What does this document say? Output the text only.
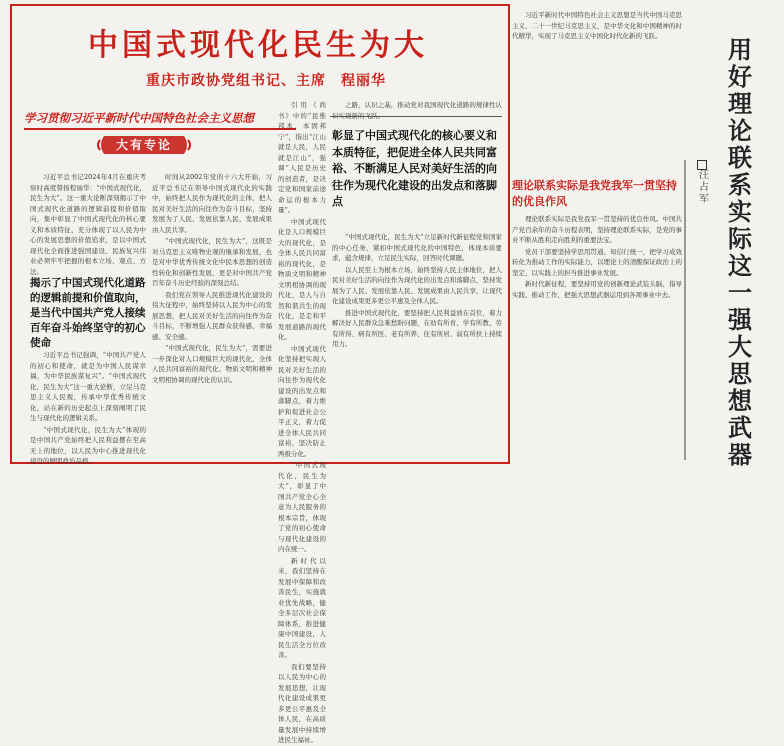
中国式现代化民生为大
重庆市政协党组书记、主席　程丽华
学习贯彻习近平新时代中国特色社会主义思想
大有专论

习近平总书记2024年4月在重庆考察时高度赞扬程丽华：“中国式现代化，民生为大”。这一重大论断深刻揭示了中国式现代化道路的逻辑前提和价值取向，集中彰显了中国式现代化的核心要义和本质特征，充分体现了以人民为中心的发展思想的价值追求，是以中国式现代化全面推进强国建设、民族复兴伟业必须牢牢把握的根本立场、观点、方法。

揭示了中国式现代化道路的逻辑前提和价值取向，是当代中国共产党人接续百年奋斗始终坚守的初心使命

习近平总书记强调，“中国共产党人的初心和使命，就是为中国人民谋幸福，为中华民族谋复兴”。“中国式现代化，民生为大”这一重大论断，立足马克思主义人民观，传承中华优秀传统文化，站在新的历史起点上深刻阐明了民生与现代化的逻辑关系。

“中国式现代化，民生为大”体现的是中国共产党始终把人民利益摆在至高无上的地位，以人民为中心推进现代化建设的鲜明政治品格。

时间从2002年党的十六大开始，习近平总书记在领导中国式现代化的实践中，始终把人民作为现代化的主体，把人民对美好生活的向往作为奋斗目标，坚持发展为了人民、发展依靠人民、发展成果由人民共享。

“中国式现代化，民生为大”，这既是对马克思主义唯物史观的继承和发展，也是对中华优秀传统文化中民本思想的创造性转化和创新性发展，更是对中国共产党百年奋斗历史经验的深刻总结。

我们党在领导人民推进现代化建设的伟大征程中，始终坚持以人民为中心的发展思想，把人民对美好生活的向往作为奋斗目标，不断增强人民群众获得感、幸福感、安全感。

“中国式现代化，民生为大”，需要进一步深化对人口规模巨大的现代化、全体人民共同富裕的现代化、物质文明和精神文明相协调的现代化的认识。

引用《尚书》中的“民惟邦本，本固邦宁”，指出“江山就是人民，人民就是江山”，强调“人民是历史的创造者，是决定党和国家前途命运的根本力量”。

中国式现代化是人口规模巨大的现代化，是全体人民共同富裕的现代化，是物质文明和精神文明相协调的现代化，是人与自然和谐共生的现代化，是走和平发展道路的现代化。

中国式现代化坚持把实现人民对美好生活的向往作为现代化建设的出发点和落脚点，着力维护和促进社会公平正义，着力促进全体人民共同富裕，坚决防止两极分化。

“中国式现代化，民生为大”，彰显了中国共产党全心全意为人民服务的根本宗旨，体现了党的初心使命与现代化建设的内在统一。

新时代以来，我们坚持在发展中保障和改善民生，实施就业优先战略，健全多层次社会保障体系，推进健康中国建设，人民生活全方位改善。

我们要坚持以人民为中心的发展思想，让现代化建设成果更多更公平惠及全体人民，在高质量发展中持续增进民生福祉。

之路，认识之基，推动党对我国现代化道路的规律性认

彰显了中国式现代化的核心要义和本质特征，把促进全体人民共同富裕、不断满足人民对美好生活的向往作为现代化建设的出发点和落脚点

“中国式现代化，民生为大”立足新时代新征程党和国家的中心任务，紧扣中国式现代化的中国特色，体现本质要求，蕴含规律，立足民生实际，回答时代课题。

以人民至上为根本立场，始终坚持人民主体地位，把人民对美好生活的向往作为现代化的出发点和落脚点，坚持发展为了人民、发展依靠人民、发展成果由人民共享，让现代化建设成果更多更公平惠及全体人民。

推进中国式现代化，要坚持把人民利益放在首位，着力解决好人民群众急难愁盼问题，在幼有所育、学有所教、劳有所得、病有所医、老有所养、住有所居、弱有所扶上持续用力。

习近平新时代中国特色社会主义思想是当代中国马克思主义、二十一世纪马克思主义，是中华文化和中国精神的时代精华，实现了马克思主义中国化时代化新的飞跃。

理论联系实际是我党我军一贯坚持的优良作风

理论联系实际是我党我军一贯坚持的优良作风。中国共产党百余年的奋斗历程表明，坚持理论联系实际，是党的事业不断从胜利走向胜利的重要法宝。

党员干部要坚持学思用贯通、知信行统一，把学习成效转化为推动工作的实际能力，以理论上的清醒保证政治上的坚定，以实践上的担当推进事业发展。

新时代新征程，要坚持用党的创新理论武装头脑、指导实践、推动工作，把强大思想武器运用到各项事业中去。

用好理论联系实际这一强大思想武器
汪占军
